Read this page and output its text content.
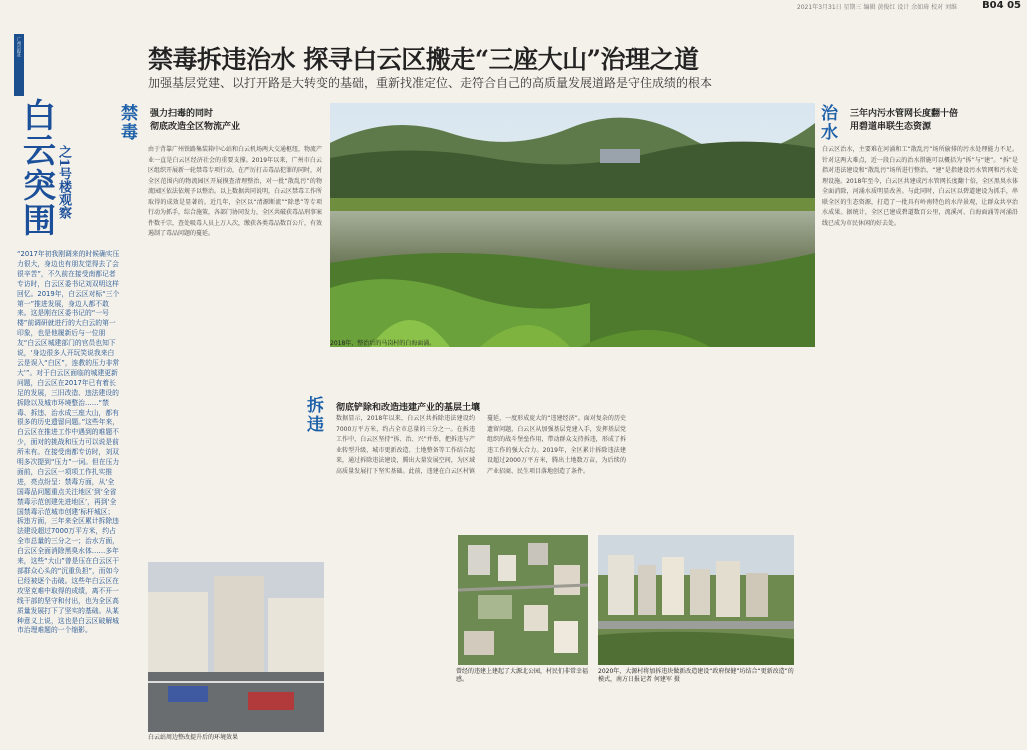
2021年3月31日 星期三 编辑 黄俊红 设计 余如琦 校对 刘维	B04 05
广州日报社
白云突围 之1号楼观察
“2017年初我刚调来的时候确实压力很大，身边也有朋友觉得去了会很辛苦”，不久前在接受南都记者专访时，白云区委书记刘双明这样回忆。2019年，白云区对标“三个第一”推进发展，身边人都不敢来。这是刚在区委书记的“一号楼”前调研就进行的大白云的第一印象，也是他履新后与一位朋友“白云区城建部门的官员也知下说，‘身边很多人开玩笑说我来白云是误入“白区”，连教的压力非常大’”。对于白云区面临的城建更新问题，白云区在2017年已有着长足的发展，三旧改造、违法建设的拆除以及城市环境整治……“禁毒、拆违、治水成三座大山，都有很多的历史遗留问题。”这些年来，白云区在推进工作中遇到的难题不少，面对的挑战和压力可以说是前所未有。在接受南都专访时，刘双明多次提到“压力”一词。但在压力面前，白云区一项项工作扎实推进，亮点纷呈：禁毒方面，从‘全国毒品问题重点关注地区’到‘全省禁毒示范创建先进地区’，再到‘全国禁毒示范城市创建’标杆城区；拆违方面，三年来全区累计拆除违法建设超过7000万平方米，约占全市总量的三分之一；治水方面，白云区全面消除黑臭水体……多年来，这些“大山”曾是压在白云区干部群众心头的“沉重负担”，而如今已经被逐个击破。这些年白云区在攻坚克难中取得的成绩，离不开一线干部的坚守和付出，也为全区高质量发展打下了坚实的基础。从某种意义上说，这也是白云区破解城市治理难题的一个缩影。
禁毒拆违治水 探寻白云区搬走“三座大山”治理之道
加强基层党建、以打开路是大转变的基础，重新找准定位、走符合自己的高质量发展道路是守住成绩的根本
禁毒 强力扫毒的同时
彻底改造全区物流产业
由于背靠广州铁路集装箱中心站和白云机场两大交通枢纽，物流产业一直是白云区经济社会的重要支撑。2019年以来，广州市白云区组织开展新一轮禁毒专项行动，在严厉打击毒品犯罪的同时，对全区范围内的物流园区开展摸查清理整治，对一批“散乱污”的物流园区依法依规予以整治。以上数据共同说明，白云区禁毒工作所取得的成效是显著的。近几年，全区以“清源断流”“除患”等专项行动为抓手，综合施策，各部门协同发力，全区共破获毒品刑事案件数千宗，查处吸毒人员上万人次，缴获各类毒品数百公斤，有效遏制了毒品问题的蔓延。
2018年，整治后的马岗村的白海面涌。
拆违 彻底铲除和改造违建产业的基层土壤
数据显示，2018年以来，白云区共拆除违法建设约7000万平方米，约占全市总量的三分之一。在拆违工作中，白云区坚持“拆、治、兴”并举，把拆违与产业转型升级、城市更新改造、土地整备等工作结合起来，通过拆除违法建设，腾出大量发展空间，为区域高质量发展打下坚实基础。此前，违建在白云区村镇蔓延，一度形成庞大的“违建经济”。面对复杂的历史遗留问题，白云区从加强基层党建入手，发挥基层党组织的战斗堡垒作用，带动群众支持拆违，形成了拆违工作的强大合力。2019年，全区累计拆除违法建设超过2000万平方米，腾出土地数万亩，为后续的产业招商、民生项目落地创造了条件。
曾经的违建上建起了大源北公园，村民们非常幸福感。
2020年，大源村将加拆违块做新改造建设“政府保健”坊结合“更新改造”的模式，南方日报记者 何建军 摄
白云站周边整改提升后的环境效果
治水 三年内污水管网长度翻十倍
用碧道串联生态资源
白云区治水，主要难在河涌和工“散乱污”场所偷排的污水处理能力不足。针对这两大难点，近一段白云的治水措施可以概括为“拆”与“建”。“拆”是指对违法建设和“散乱污”场所进行整治，“建”是指建设污水管网和污水处理设施。2018年至今，白云区共建成污水管网长度翻十倍，全区黑臭水体全面消除，河涌水质明显改善。与此同时，白云区以碧道建设为抓手，串联全区的生态资源，打造了一批具有岭南特色的水岸景观，让群众共享治水成果。据统计，全区已建成碧道数百公里，流溪河、白海面涌等河涌沿线已成为市民休闲的好去处。
